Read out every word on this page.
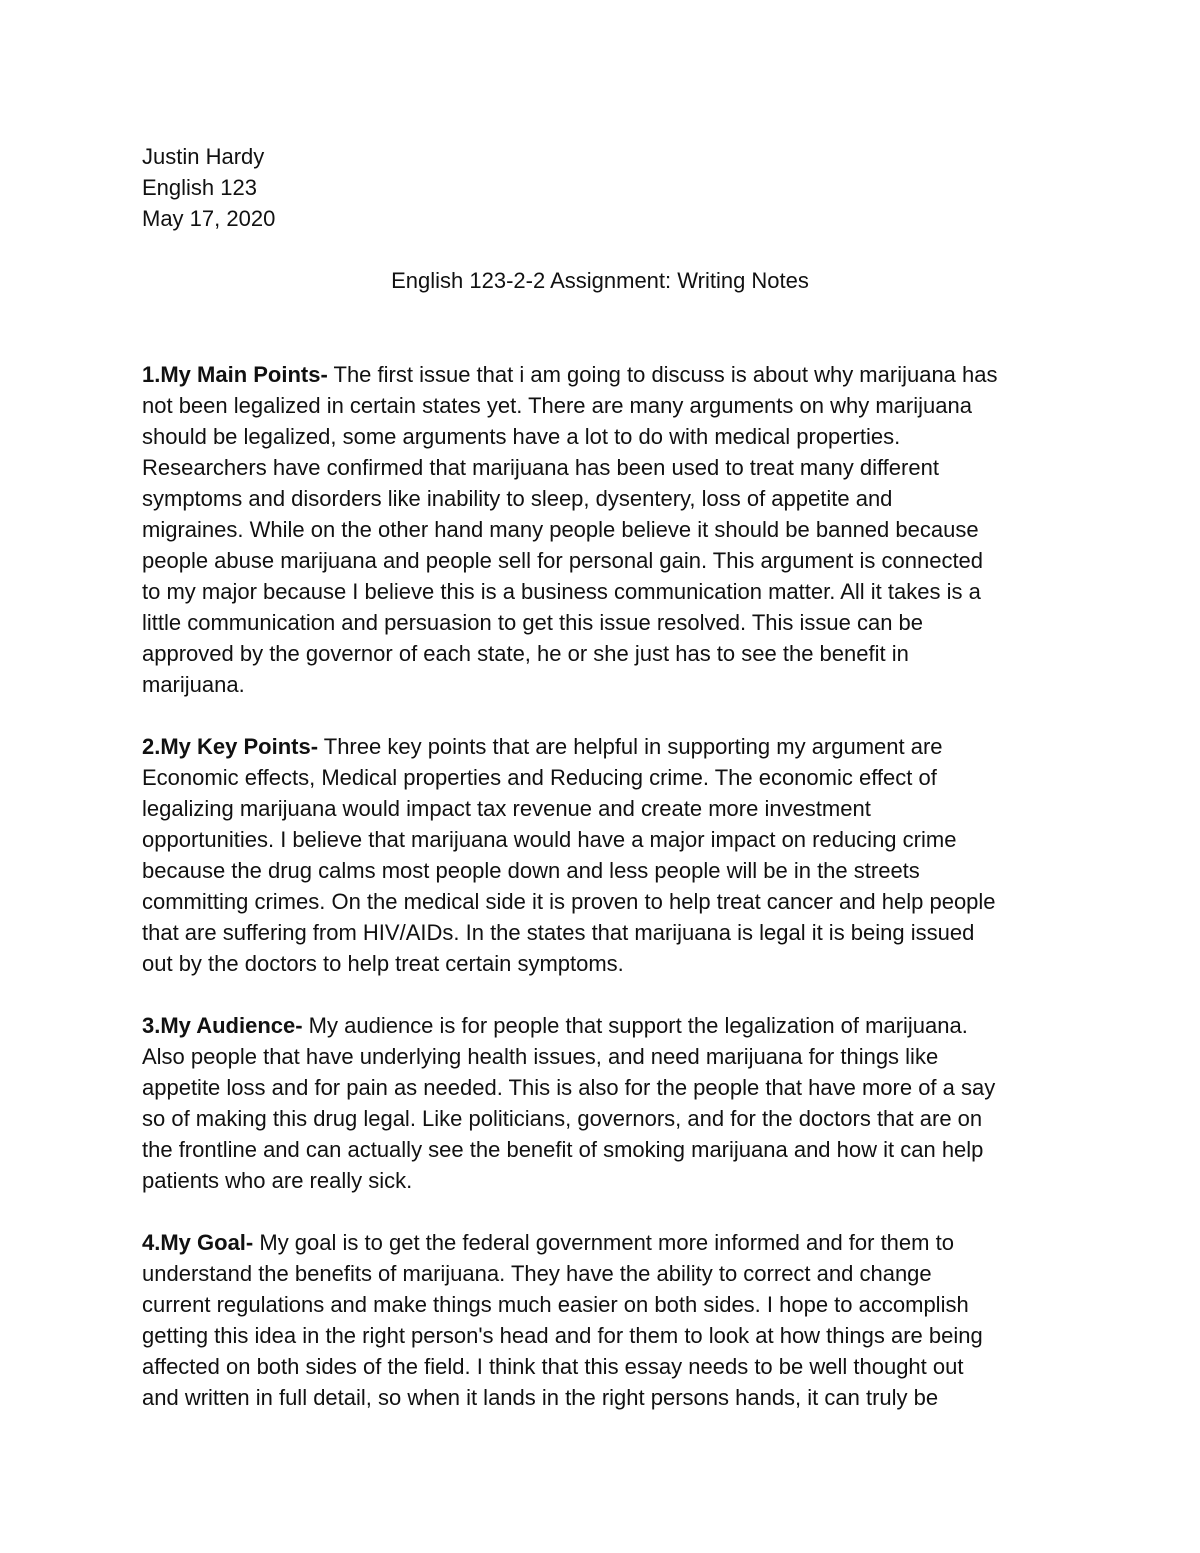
Justin Hardy
English 123
May 17, 2020
English 123-2-2 Assignment: Writing Notes
1.My Main Points- The first issue that i am going to discuss is about why marijuana has
not been legalized in certain states yet. There are many arguments on why marijuana
should be legalized, some arguments have a lot to do with medical properties.
Researchers have confirmed that marijuana has been used to treat many different
symptoms and disorders like inability to sleep, dysentery, loss of appetite and
migraines. While on the other hand many people believe it should be banned because
people abuse marijuana and people sell for personal gain. This argument is connected
to my major because I believe this is a business communication matter. All it takes is a
little communication and persuasion to get this issue resolved. This issue can be
approved by the governor of each state, he or she just has to see the benefit in
marijuana.
2.My Key Points- Three key points that are helpful in supporting my argument are
Economic effects, Medical properties and Reducing crime. The economic effect of
legalizing marijuana would impact tax revenue and create more investment
opportunities. I believe that marijuana would have a major impact on reducing crime
because the drug calms most people down and less people will be in the streets
committing crimes. On the medical side it is proven to help treat cancer and help people
that are suffering from HIV/AIDs. In the states that marijuana is legal it is being issued
out by the doctors to help treat certain symptoms.
3.My Audience- My audience is for people that support the legalization of marijuana.
Also people that have underlying health issues, and need marijuana for things like
appetite loss and for pain as needed. This is also for the people that have more of a say
so of making this drug legal. Like politicians, governors, and for the doctors that are on
the frontline and can actually see the benefit of smoking marijuana and how it can help
patients who are really sick.
4.My Goal- My goal is to get the federal government more informed and for them to
understand the benefits of marijuana. They have the ability to correct and change
current regulations and make things much easier on both sides. I hope to accomplish
getting this idea in the right person's head and for them to look at how things are being
affected on both sides of the field. I think that this essay needs to be well thought out
and written in full detail, so when it lands in the right persons hands, it can truly be
